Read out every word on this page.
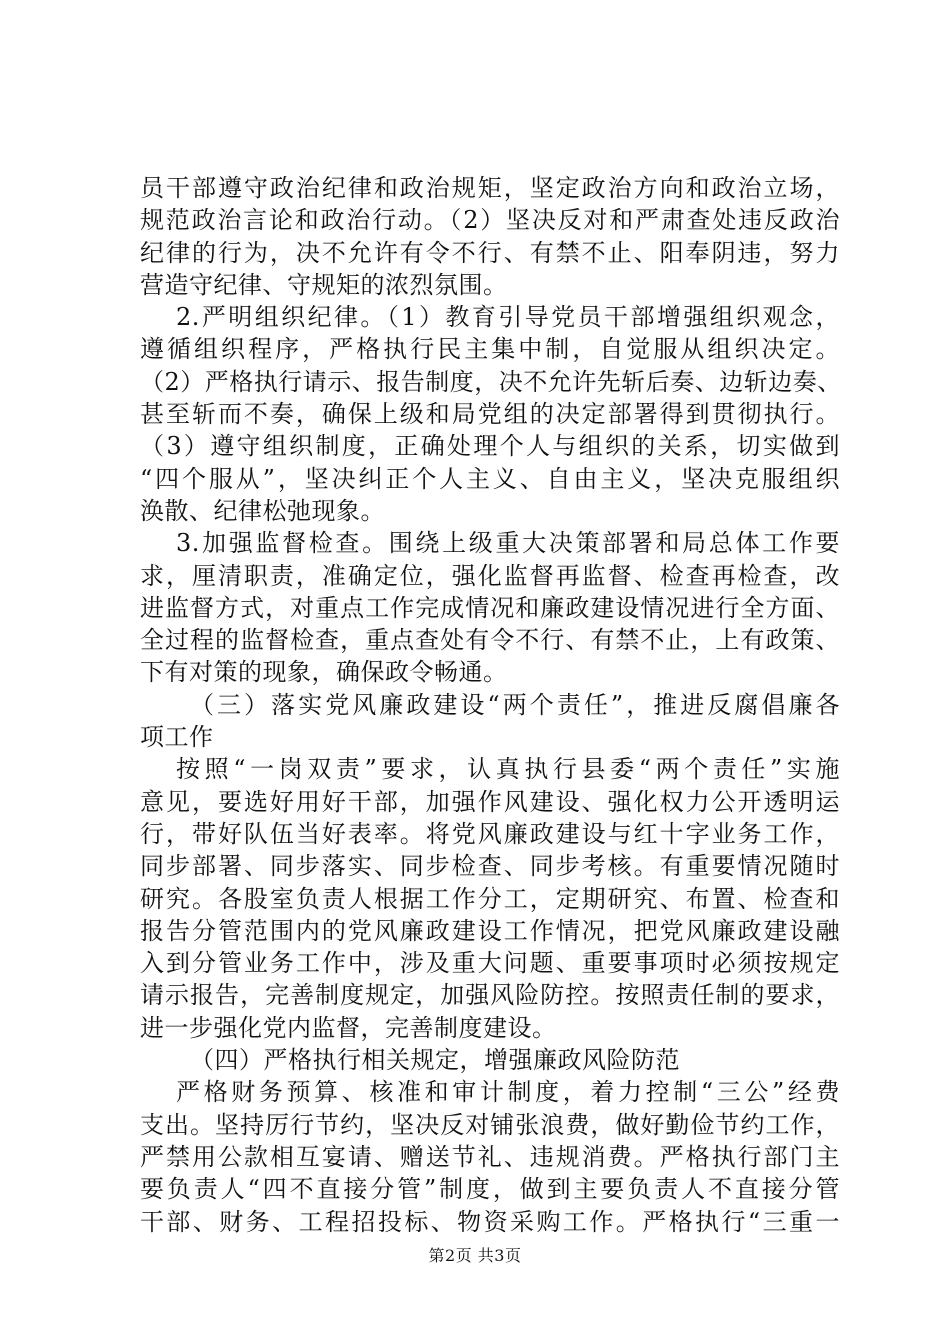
员干部遵守政治纪律和政治规矩，坚定政治方向和政治立场，
规范政治言论和政治行动。（2）坚决反对和严肃查处违反政治
纪律的行为，决不允许有令不行、有禁不止、阳奉阴违，努力
营造守纪律、守规矩的浓烈氛围。
2.严明组织纪律。（1）教育引导党员干部增强组织观念，
遵循组织程序，严格执行民主集中制，自觉服从组织决定。
（2）严格执行请示、报告制度，决不允许先斩后奏、边斩边奏、
甚至斩而不奏，确保上级和局党组的决定部署得到贯彻执行。
（3）遵守组织制度，正确处理个人与组织的关系，切实做到
“四个服从”，坚决纠正个人主义、自由主义，坚决克服组织
涣散、纪律松弛现象。
3.加强监督检查。围绕上级重大决策部署和局总体工作要
求，厘清职责，准确定位，强化监督再监督、检查再检查，改
进监督方式，对重点工作完成情况和廉政建设情况进行全方面、
全过程的监督检查，重点查处有令不行、有禁不止，上有政策、
下有对策的现象，确保政令畅通。
（三）落实党风廉政建设“两个责任”，推进反腐倡廉各
项工作
按照“一岗双责”要求，认真执行县委“两个责任”实施
意见，要选好用好干部，加强作风建设、强化权力公开透明运
行，带好队伍当好表率。将党风廉政建设与红十字业务工作，
同步部署、同步落实、同步检查、同步考核。有重要情况随时
研究。各股室负责人根据工作分工，定期研究、布置、检查和
报告分管范围内的党风廉政建设工作情况，把党风廉政建设融
入到分管业务工作中，涉及重大问题、重要事项时必须按规定
请示报告，完善制度规定，加强风险防控。按照责任制的要求，
进一步强化党内监督，完善制度建设。
（四）严格执行相关规定，增强廉政风险防范
严格财务预算、核准和审计制度，着力控制“三公”经费
支出。坚持厉行节约，坚决反对铺张浪费，做好勤俭节约工作，
严禁用公款相互宴请、赠送节礼、违规消费。严格执行部门主
要负责人“四不直接分管”制度，做到主要负责人不直接分管
干部、财务、工程招投标、物资采购工作。严格执行“三重一
第2页 共3页
